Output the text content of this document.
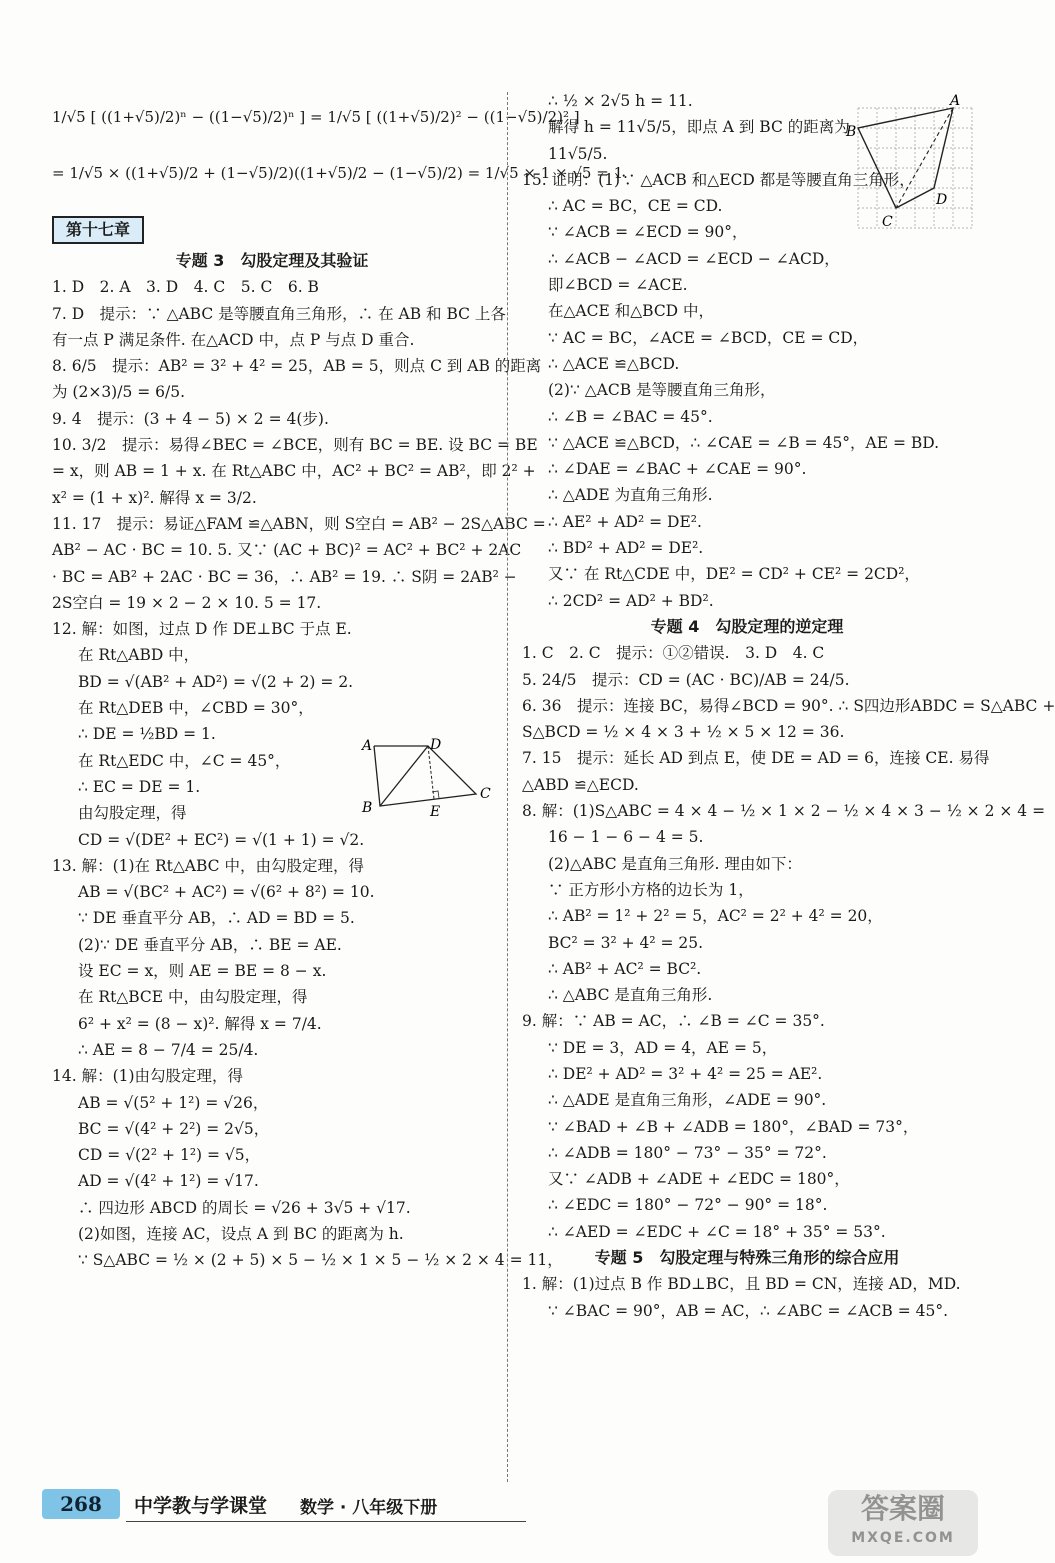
1/√5 [ ((1+√5)/2)ⁿ − ((1−√5)/2)ⁿ ] = 1/√5 [ ((1+√5)/2)² − ((1−√5)/2)² ]
= 1/√5 × ((1+√5)/2 + (1−√5)/2)((1+√5)/2 − (1−√5)/2) = 1/√5 × 1 × √5 = 1.
第十七章
专题 3　勾股定理及其验证
1. D　2. A　3. D　4. C　5. C　6. B
7. D　提示：∵ △ABC 是等腰直角三角形，∴ 在 AB 和 BC 上各
有一点 P 满足条件. 在△ACD 中，点 P 与点 D 重合.
8. 6/5　提示：AB² = 3² + 4² = 25，AB = 5，则点 C 到 AB 的距离
为 (2×3)/5 = 6/5.
9. 4　提示：(3 + 4 − 5) × 2 = 4(步).
10. 3/2　提示：易得∠BEC = ∠BCE，则有 BC = BE. 设 BC = BE
= x，则 AB = 1 + x. 在 Rt△ABC 中，AC² + BC² = AB²，即 2² +
x² = (1 + x)². 解得 x = 3/2.
11. 17　提示：易证△FAM ≌△ABN，则 S空白 = AB² − 2S△ABC =
AB² − AC · BC = 10. 5. 又∵ (AC + BC)² = AC² + BC² + 2AC
· BC = AB² + 2AC · BC = 36，∴ AB² = 19. ∴ S阴 = 2AB² −
2S空白 = 19 × 2 − 2 × 10. 5 = 17.
12. 解：如图，过点 D 作 DE⊥BC 于点 E.
在 Rt△ABD 中，
BD = √(AB² + AD²) = √(2 + 2) = 2.
在 Rt△DEB 中，∠CBD = 30°，
∴ DE = ½BD = 1.
在 Rt△EDC 中，∠C = 45°，
∴ EC = DE = 1.
由勾股定理，得
CD = √(DE² + EC²) = √(1 + 1) = √2.
13. 解：(1)在 Rt△ABC 中，由勾股定理，得
AB = √(BC² + AC²) = √(6² + 8²) = 10.
∵ DE 垂直平分 AB，∴ AD = BD = 5.
(2)∵ DE 垂直平分 AB，∴ BE = AE.
设 EC = x，则 AE = BE = 8 − x.
在 Rt△BCE 中，由勾股定理，得
6² + x² = (8 − x)². 解得 x = 7/4.
∴ AE = 8 − 7/4 = 25/4.
14. 解：(1)由勾股定理，得
AB = √(5² + 1²) = √26，
BC = √(4² + 2²) = 2√5，
CD = √(2² + 1²) = √5，
AD = √(4² + 1²) = √17.
∴ 四边形 ABCD 的周长 = √26 + 3√5 + √17.
(2)如图，连接 AC，设点 A 到 BC 的距离为 h.
∵ S△ABC = ½ × (2 + 5) × 5 − ½ × 1 × 5 − ½ × 2 × 4 = 11，
∴ ½ × 2√5 h = 11.
解得 h = 11√5/5，即点 A 到 BC 的距离为
11√5/5.
15. 证明：(1)∵ △ACB 和△ECD 都是等腰直角三角形，
∴ AC = BC，CE = CD.
∵ ∠ACB = ∠ECD = 90°，
∴ ∠ACB − ∠ACD = ∠ECD − ∠ACD，
即∠BCD = ∠ACE.
在△ACE 和△BCD 中，
∵ AC = BC，∠ACE = ∠BCD，CE = CD，
∴ △ACE ≌△BCD.
(2)∵ △ACB 是等腰直角三角形，
∴ ∠B = ∠BAC = 45°.
∵ △ACE ≌△BCD，∴ ∠CAE = ∠B = 45°，AE = BD.
∴ ∠DAE = ∠BAC + ∠CAE = 90°.
∴ △ADE 为直角三角形.
∴ AE² + AD² = DE².
∴ BD² + AD² = DE².
又∵ 在 Rt△CDE 中，DE² = CD² + CE² = 2CD²，
∴ 2CD² = AD² + BD².
专题 4　勾股定理的逆定理
1. C　2. C　提示：①②错误.　3. D　4. C
5. 24/5　提示：CD = (AC · BC)/AB = 24/5.
6. 36　提示：连接 BC，易得∠BCD = 90°. ∴ S四边形ABDC = S△ABC +
S△BCD = ½ × 4 × 3 + ½ × 5 × 12 = 36.
7. 15　提示：延长 AD 到点 E，使 DE = AD = 6，连接 CE. 易得
△ABD ≌△ECD.
8. 解：(1)S△ABC = 4 × 4 − ½ × 1 × 2 − ½ × 4 × 3 − ½ × 2 × 4 =
16 − 1 − 6 − 4 = 5.
(2)△ABC 是直角三角形. 理由如下：
∵ 正方形小方格的边长为 1，
∴ AB² = 1² + 2² = 5，AC² = 2² + 4² = 20，
BC² = 3² + 4² = 25.
∴ AB² + AC² = BC².
∴ △ABC 是直角三角形.
9. 解：∵ AB = AC，∴ ∠B = ∠C = 35°.
∵ DE = 3，AD = 4，AE = 5，
∴ DE² + AD² = 3² + 4² = 25 = AE².
∴ △ADE 是直角三角形，∠ADE = 90°.
∵ ∠BAD + ∠B + ∠ADB = 180°，∠BAD = 73°，
∴ ∠ADB = 180° − 73° − 35° = 72°.
又∵ ∠ADB + ∠ADE + ∠EDC = 180°，
∴ ∠EDC = 180° − 72° − 90° = 18°.
∴ ∠AED = ∠EDC + ∠C = 18° + 35° = 53°.
专题 5　勾股定理与特殊三角形的综合应用
1. 解：(1)过点 B 作 BD⊥BC，且 BD = CN，连接 AD，MD.
∵ ∠BAC = 90°，AB = AC，∴ ∠ABC = ∠ACB = 45°.
A	D
C
B	E
A
B
C
D
268	中学教与学课堂 数学 · 八年级下册	答案圈
MXQE.COM
